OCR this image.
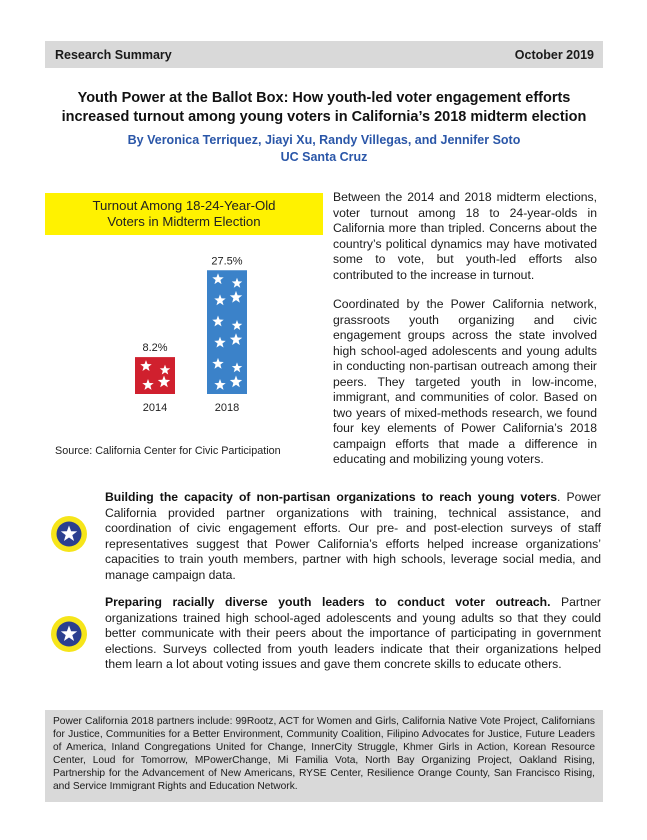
Research Summary	October 2019
Youth Power at the Ballot Box: How youth-led voter engagement efforts
increased turnout among young voters in California’s 2018 midterm election
By Veronica Terriquez, Jiayi Xu, Randy Villegas, and Jennifer Soto
UC Santa Cruz
Turnout Among 18-24-Year-Old
Voters in Midterm Election
8.2%
2014
27.5%
2018
Source: California Center for Civic Participation
Between the 2014 and 2018 midterm elections, voter turnout among 18 to 24-year-olds in California more than tripled. Concerns about the country’s political dynamics may have motivated some to vote, but youth-led efforts also contributed to the increase in turnout.
Coordinated by the Power California network, grassroots youth organizing and civic engagement groups across the state involved high school-aged adolescents and young adults in conducting non-partisan outreach among their peers. They targeted youth in low-income, immigrant, and communities of color. Based on two years of mixed-methods research, we found four key elements of Power California’s 2018 campaign efforts that made a difference in educating and mobilizing young voters.
Building the capacity of non-partisan organizations to reach young voters. Power California provided partner organizations with training, technical assistance, and coordination of civic engagement efforts. Our pre- and post-election surveys of staff representatives suggest that Power California’s efforts helped increase organizations’ capacities to train youth members, partner with high schools, leverage social media, and manage campaign data.
Preparing racially diverse youth leaders to conduct voter outreach. Partner organizations trained high school-aged adolescents and young adults so that they could better communicate with their peers about the importance of participating in government elections. Surveys collected from youth leaders indicate that their organizations helped them learn a lot about voting issues and gave them concrete skills to educate others.
Power California 2018 partners include: 99Rootz, ACT for Women and Girls, California Native Vote Project, Californians for Justice, Communities for a Better Environment, Community Coalition, Filipino Advocates for Justice, Future Leaders of America, Inland Congregations United for Change, InnerCity Struggle, Khmer Girls in Action, Korean Resource Center, Loud for Tomorrow, MPowerChange, Mi Familia Vota, North Bay Organizing Project, Oakland Rising, Partnership for the Advancement of New Americans, RYSE Center, Resilience Orange County, San Francisco Rising, and Service Immigrant Rights and Education Network.
